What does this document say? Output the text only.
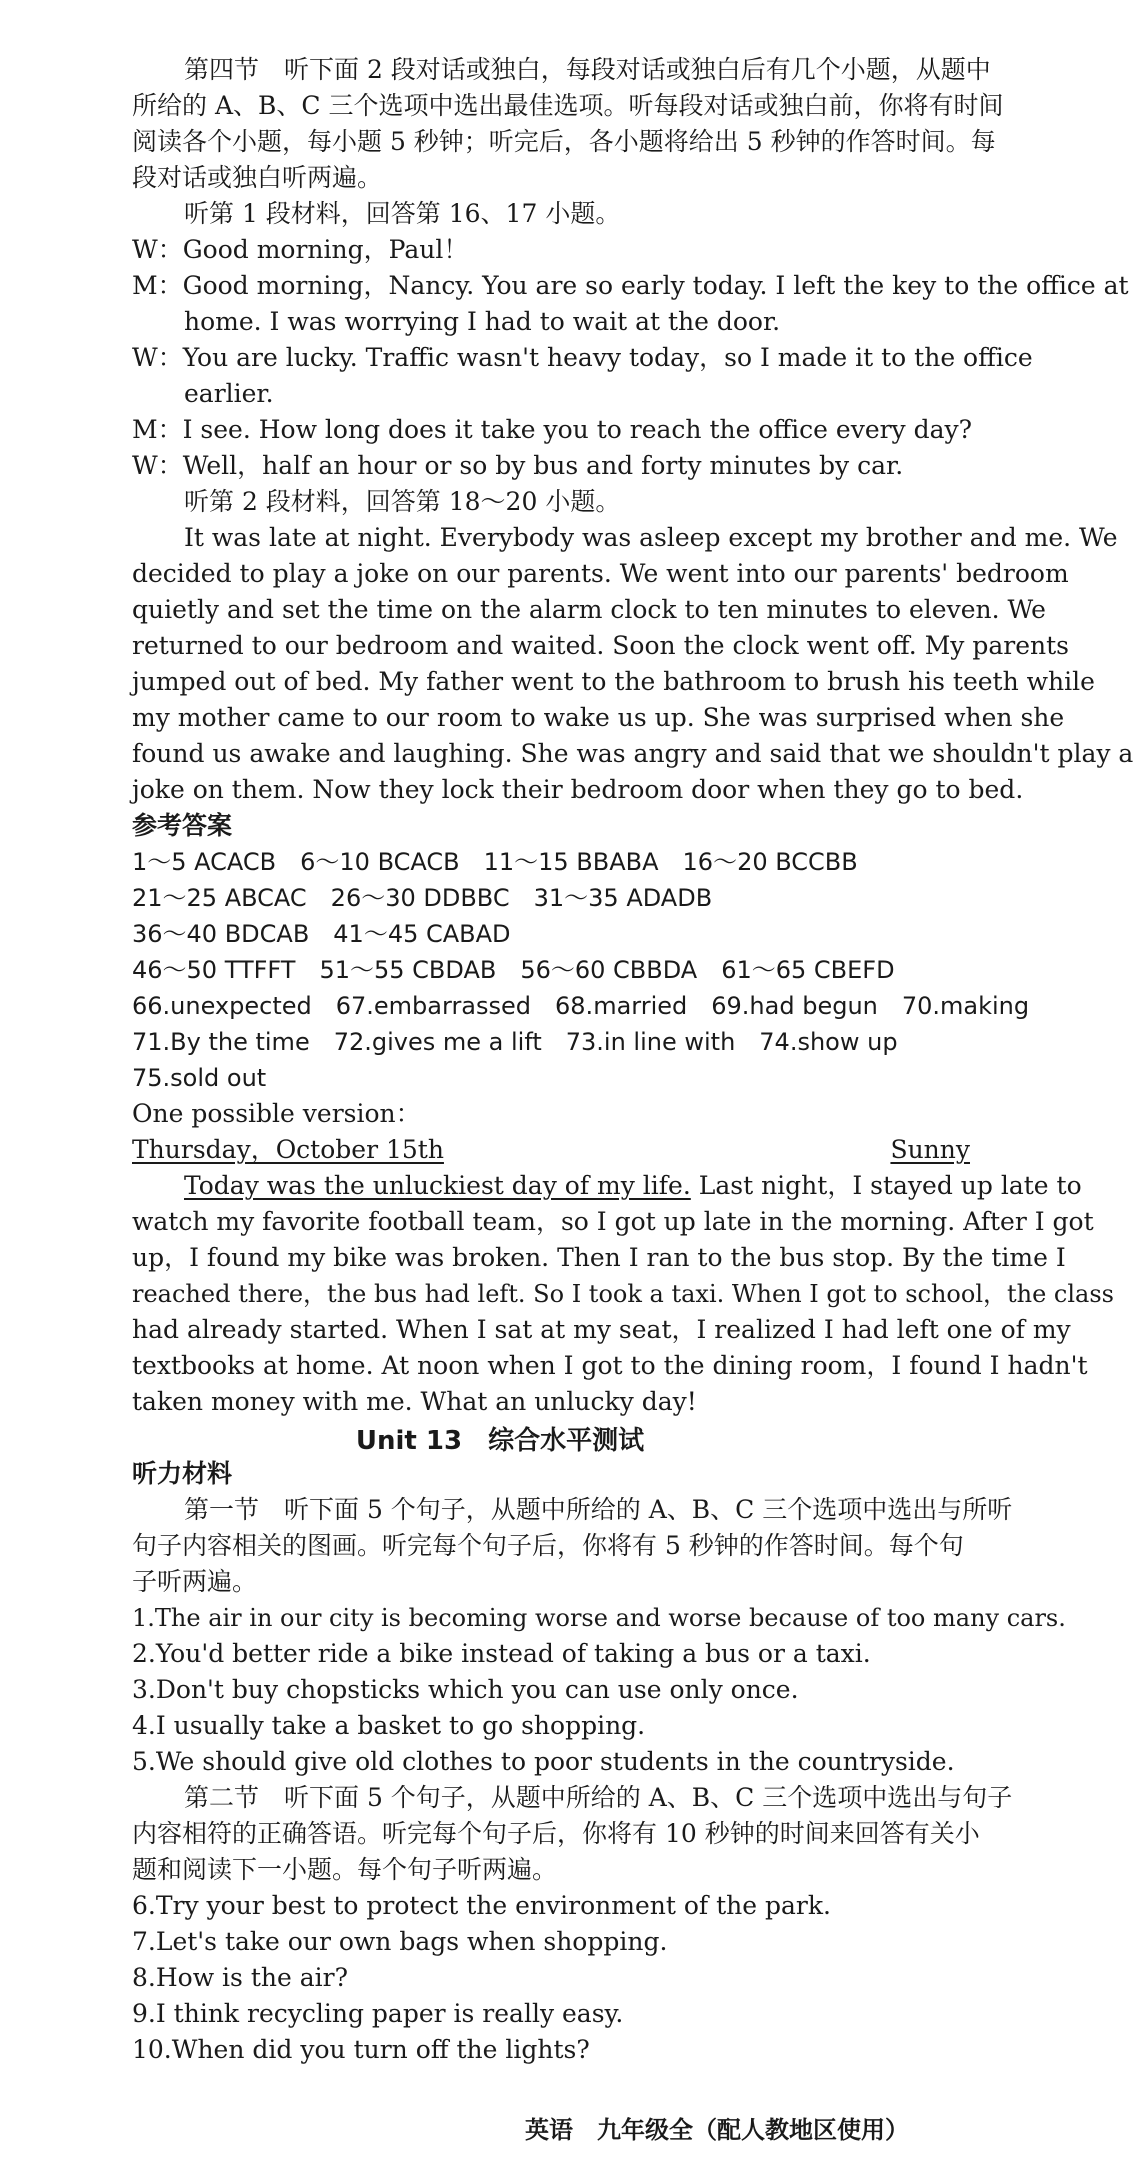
第四节　听下面 2 段对话或独白，每段对话或独白后有几个小题，从题中
所给的 A、B、C 三个选项中选出最佳选项。听每段对话或独白前，你将有时间
阅读各个小题，每小题 5 秒钟；听完后，各小题将给出 5 秒钟的作答时间。每
段对话或独白听两遍。
听第 1 段材料，回答第 16、17 小题。
W：Good morning，Paul！
M：Good morning，Nancy. You are so early today. I left the key to the office at
home. I was worrying I had to wait at the door.
W：You are lucky. Traffic wasn't heavy today，so I made it to the office
earlier.
M：I see. How long does it take you to reach the office every day?
W：Well，half an hour or so by bus and forty minutes by car.
听第 2 段材料，回答第 18～20 小题。
It was late at night. Everybody was asleep except my brother and me. We
decided to play a joke on our parents. We went into our parents' bedroom
quietly and set the time on the alarm clock to ten minutes to eleven. We
returned to our bedroom and waited. Soon the clock went off. My parents
jumped out of bed. My father went to the bathroom to brush his teeth while
my mother came to our room to wake us up. She was surprised when she
found us awake and laughing. She was angry and said that we shouldn't play a
joke on them. Now they lock their bedroom door when they go to bed.
参考答案
1～5 ACACB　6～10 BCACB　11～15 BBABA　16～20 BCCBB
21～25 ABCAC　26～30 DDBBC　31～35 ADADB
36～40 BDCAB　41～45 CABAD
46～50 TTFFT　51～55 CBDAB　56～60 CBBDA　61～65 CBEFD
66.unexpected　67.embarrassed　68.married　69.had begun　70.making
71.By the time　72.gives me a lift　73.in line with　74.show up
75.sold out
One possible version：
Thursday，October 15th	Sunny
Today was the unluckiest day of my life. Last night，I stayed up late to
watch my favorite football team，so I got up late in the morning. After I got
up，I found my bike was broken. Then I ran to the bus stop. By the time I
reached there，the bus had left. So I took a taxi. When I got to school，the class
had already started. When I sat at my seat，I realized I had left one of my
textbooks at home. At noon when I got to the dining room，I found I hadn't
taken money with me. What an unlucky day!
Unit 13　综合水平测试
听力材料
第一节　听下面 5 个句子，从题中所给的 A、B、C 三个选项中选出与所听
句子内容相关的图画。听完每个句子后，你将有 5 秒钟的作答时间。每个句
子听两遍。
1.The air in our city is becoming worse and worse because of too many cars.
2.You'd better ride a bike instead of taking a bus or a taxi.
3.Don't buy chopsticks which you can use only once.
4.I usually take a basket to go shopping.
5.We should give old clothes to poor students in the countryside.
第二节　听下面 5 个句子，从题中所给的 A、B、C 三个选项中选出与句子
内容相符的正确答语。听完每个句子后，你将有 10 秒钟的时间来回答有关小
题和阅读下一小题。每个句子听两遍。
6.Try your best to protect the environment of the park.
7.Let's take our own bags when shopping.
8.How is the air?
9.I think recycling paper is really easy.
10.When did you turn off the lights?
英语　九年级全（配人教地区使用）
